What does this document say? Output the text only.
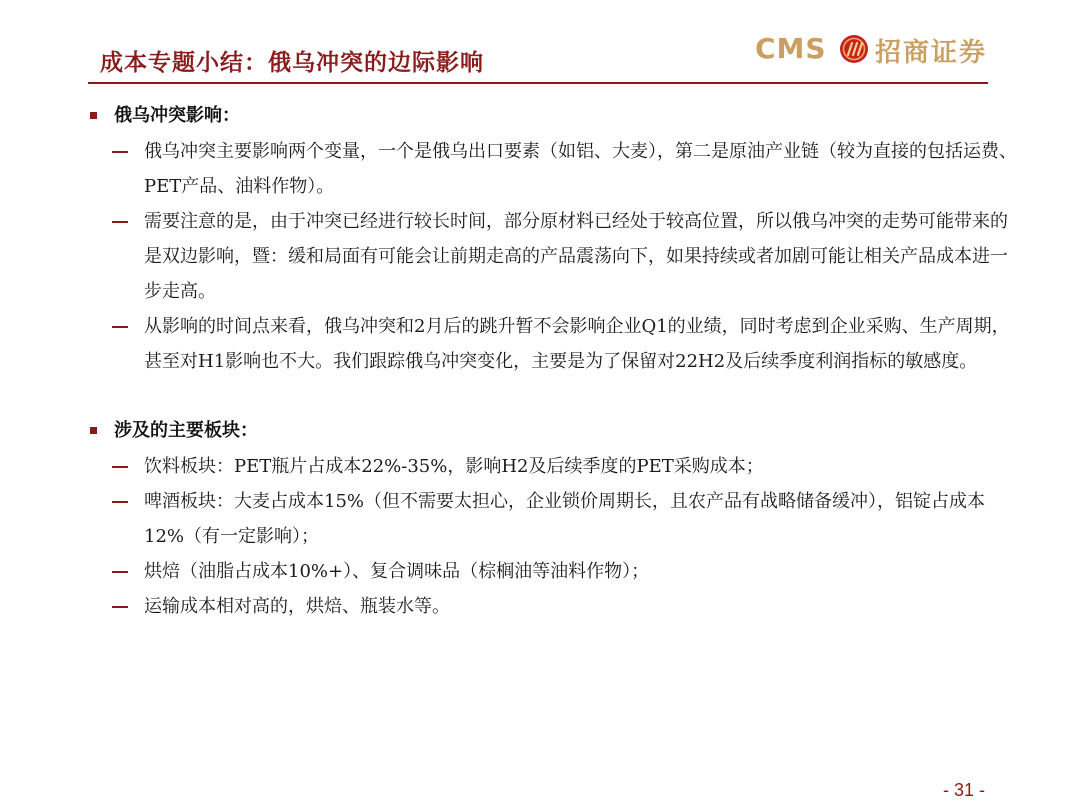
成本专题小结：俄乌冲突的边际影响	CMS 招商证券
俄乌冲突影响：
俄乌冲突主要影响两个变量，一个是俄乌出口要素（如铝、大麦），第二是原油产业链（较为直接的包括运费、PET产品、油料作物）。
需要注意的是，由于冲突已经进行较长时间，部分原材料已经处于较高位置，所以俄乌冲突的走势可能带来的是双边影响，暨：缓和局面有可能会让前期走高的产品震荡向下，如果持续或者加剧可能让相关产品成本进一步走高。
从影响的时间点来看，俄乌冲突和2月后的跳升暂不会影响企业Q1的业绩，同时考虑到企业采购、生产周期，甚至对H1影响也不大。我们跟踪俄乌冲突变化，主要是为了保留对22H2及后续季度利润指标的敏感度。
涉及的主要板块：
饮料板块：PET瓶片占成本22%-35%，影响H2及后续季度的PET采购成本；
啤酒板块：大麦占成本15%（但不需要太担心，企业锁价周期长，且农产品有战略储备缓冲），铝锭占成本12%（有一定影响）；
烘焙（油脂占成本10%+）、复合调味品（棕榈油等油料作物）；
运输成本相对高的，烘焙、瓶装水等。
- 31 -
